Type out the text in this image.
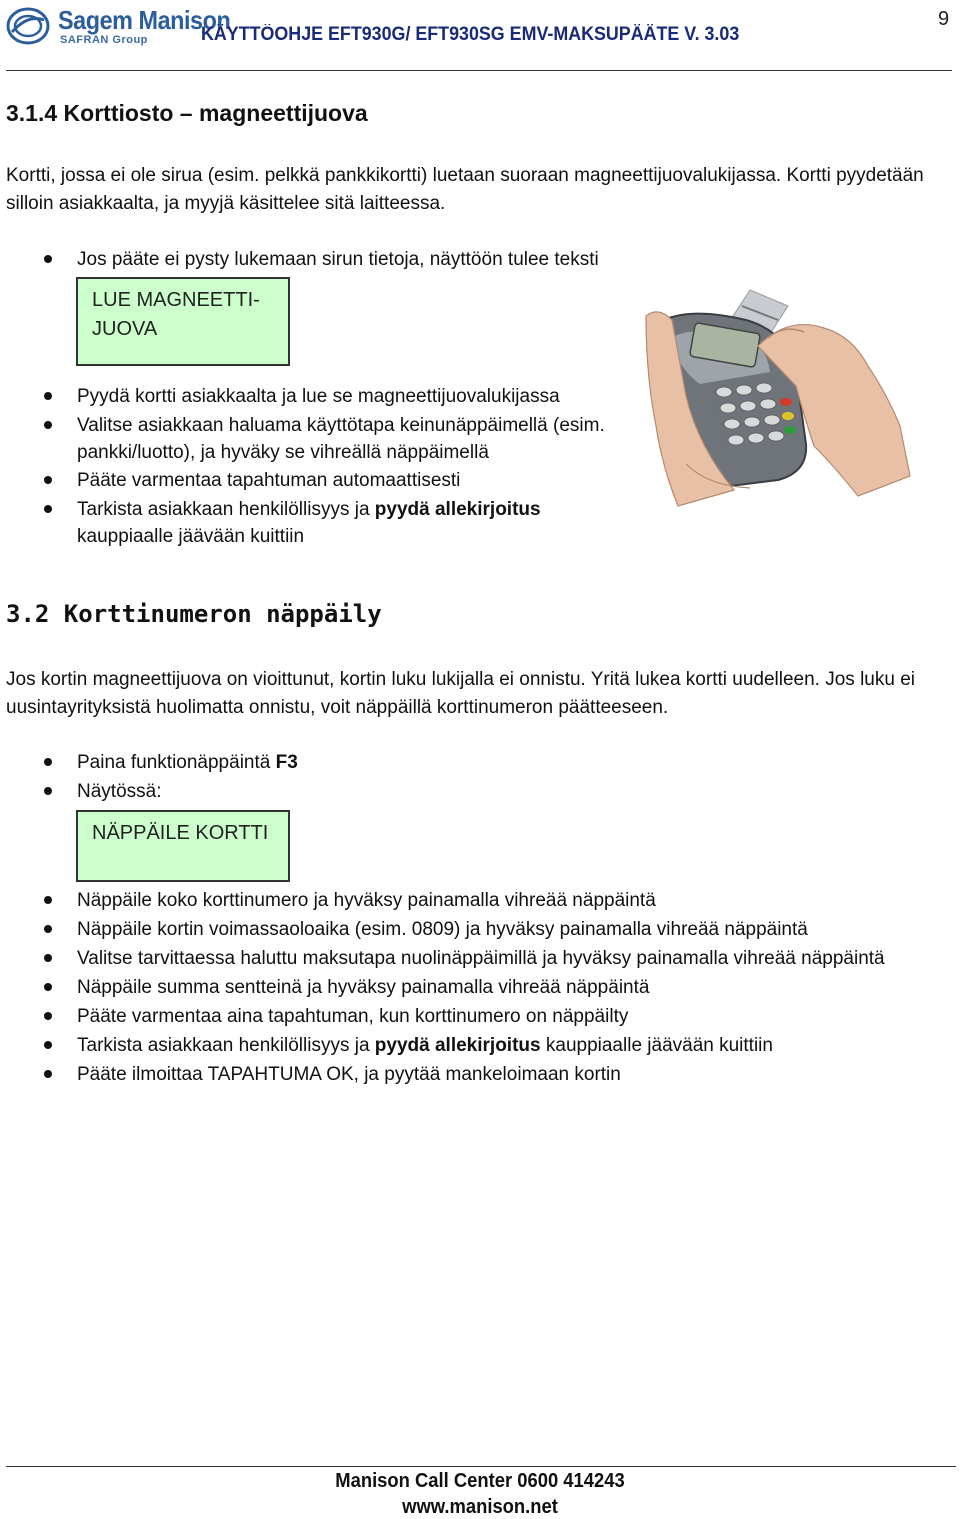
Sagem Manison
SAFRAN Group	KÄYTTÖOHJE EFT930G/ EFT930SG EMV-MAKSUPÄÄTE V. 3.03
9
3.1.4 Korttiosto – magneettijuova
Kortti, jossa ei ole sirua (esim. pelkkä pankkikortti) luetaan suoraan magneettijuovalukijassa. Kortti pyydetään
silloin asiakkaalta, ja myyjä käsittelee sitä laitteessa.
Jos pääte ei pysty lukemaan sirun tietoja, näyttöön tulee teksti
LUE MAGNEETTI-
JUOVA
Pyydä kortti asiakkaalta ja lue se magneettijuovalukijassa
Valitse asiakkaan haluama käyttötapa keinunäppäimellä (esim.
pankki/luotto), ja hyväky se vihreällä näppäimellä
Pääte varmentaa tapahtuman automaattisesti
Tarkista asiakkaan henkilöllisyys ja pyydä allekirjoitus
kauppiaalle jäävään kuittiin
3.2 Korttinumeron näppäily
Jos kortin magneettijuova on vioittunut, kortin luku lukijalla ei onnistu. Yritä lukea kortti uudelleen. Jos luku ei
uusintayrityksistä huolimatta onnistu, voit näppäillä korttinumeron päätteeseen.
Paina funktionäppäintä F3
Näytössä:
NÄPPÄILE KORTTI
Näppäile koko korttinumero ja hyväksy painamalla vihreää näppäintä
Näppäile kortin voimassaoloaika (esim. 0809) ja hyväksy painamalla vihreää näppäintä
Valitse tarvittaessa haluttu maksutapa nuolinäppäimillä ja hyväksy painamalla vihreää näppäintä
Näppäile summa sentteinä ja hyväksy painamalla vihreää näppäintä
Pääte varmentaa aina tapahtuman, kun korttinumero on näppäilty
Tarkista asiakkaan henkilöllisyys ja pyydä allekirjoitus kauppiaalle jäävään kuittiin
Pääte ilmoittaa TAPAHTUMA OK, ja pyytää mankeloimaan kortin
Manison Call Center 0600 414243
www.manison.net
